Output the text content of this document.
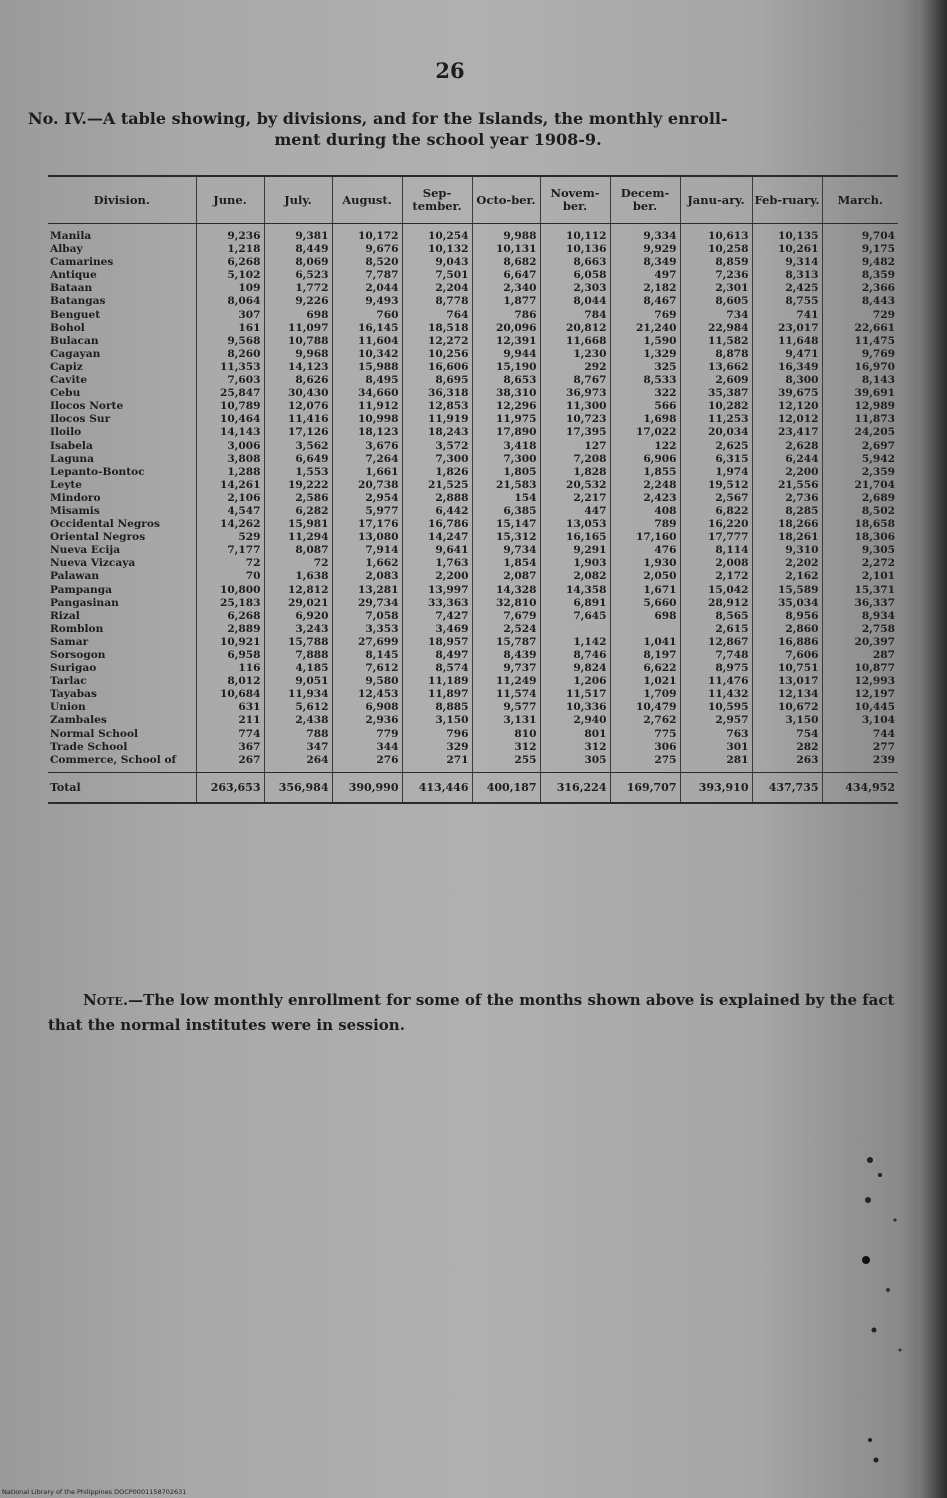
26
No. IV.—A table showing, by divisions, and for the Islands, the monthly enroll-
ment during the school year 1908-9.
Division.	June.	July.	August.	Sep-tember.	Octo-ber.	Novem-ber.	Decem-ber.	Janu-ary.	Feb-ruary.	March.
Manila	9,236	9,381	10,172	10,254	9,988	10,112	9,334	10,613	10,135	9,704
Albay	1,218	8,449	9,676	10,132	10,131	10,136	9,929	10,258	10,261	9,175
Camarines	6,268	8,069	8,520	9,043	8,682	8,663	8,349	8,859	9,314	9,482
Antique	5,102	6,523	7,787	7,501	6,647	6,058	497	7,236	8,313	8,359
Bataan	109	1,772	2,044	2,204	2,340	2,303	2,182	2,301	2,425	2,366
Batangas	8,064	9,226	9,493	8,778	1,877	8,044	8,467	8,605	8,755	8,443
Benguet	307	698	760	764	786	784	769	734	741	729
Bohol	161	11,097	16,145	18,518	20,096	20,812	21,240	22,984	23,017	22,661
Bulacan	9,568	10,788	11,604	12,272	12,391	11,668	1,590	11,582	11,648	11,475
Cagayan	8,260	9,968	10,342	10,256	9,944	1,230	1,329	8,878	9,471	9,769
Capiz	11,353	14,123	15,988	16,606	15,190	292	325	13,662	16,349	16,970
Cavite	7,603	8,626	8,495	8,695	8,653	8,767	8,533	2,609	8,300	8,143
Cebu	25,847	30,430	34,660	36,318	38,310	36,973	322	35,387	39,675	39,691
Ilocos Norte	10,789	12,076	11,912	12,853	12,296	11,300	566	10,282	12,120	12,989
Ilocos Sur	10,464	11,416	10,998	11,919	11,975	10,723	1,698	11,253	12,012	11,873
Iloilo	14,143	17,126	18,123	18,243	17,890	17,395	17,022	20,034	23,417	24,205
Isabela	3,006	3,562	3,676	3,572	3,418	127	122	2,625	2,628	2,697
Laguna	3,808	6,649	7,264	7,300	7,300	7,208	6,906	6,315	6,244	5,942
Lepanto-Bontoc	1,288	1,553	1,661	1,826	1,805	1,828	1,855	1,974	2,200	2,359
Leyte	14,261	19,222	20,738	21,525	21,583	20,532	2,248	19,512	21,556	21,704
Mindoro	2,106	2,586	2,954	2,888	154	2,217	2,423	2,567	2,736	2,689
Misamis	4,547	6,282	5,977	6,442	6,385	447	408	6,822	8,285	8,502
Occidental Negros	14,262	15,981	17,176	16,786	15,147	13,053	789	16,220	18,266	18,658
Oriental Negros	529	11,294	13,080	14,247	15,312	16,165	17,160	17,777	18,261	18,306
Nueva Ecija	7,177	8,087	7,914	9,641	9,734	9,291	476	8,114	9,310	9,305
Nueva Vizcaya	72	72	1,662	1,763	1,854	1,903	1,930	2,008	2,202	2,272
Palawan	70	1,638	2,083	2,200	2,087	2,082	2,050	2,172	2,162	2,101
Pampanga	10,800	12,812	13,281	13,997	14,328	14,358	1,671	15,042	15,589	15,371
Pangasinan	25,183	29,021	29,734	33,363	32,810	6,891	5,660	28,912	35,034	36,337
Rizal	6,268	6,920	7,058	7,427	7,679	7,645	698	8,565	8,956	8,934
Romblon	2,889	3,243	3,353	3,469	2,524			2,615	2,860	2,758
Samar	10,921	15,788	27,699	18,957	15,787	1,142	1,041	12,867	16,886	20,397
Sorsogon	6,958	7,888	8,145	8,497	8,439	8,746	8,197	7,748	7,606	287
Surigao	116	4,185	7,612	8,574	9,737	9,824	6,622	8,975	10,751	10,877
Tarlac	8,012	9,051	9,580	11,189	11,249	1,206	1,021	11,476	13,017	12,993
Tayabas	10,684	11,934	12,453	11,897	11,574	11,517	1,709	11,432	12,134	12,197
Union	631	5,612	6,908	8,885	9,577	10,336	10,479	10,595	10,672	10,445
Zambales	211	2,438	2,936	3,150	3,131	2,940	2,762	2,957	3,150	3,104
Normal School	774	788	779	796	810	801	775	763	754	744
Trade School	367	347	344	329	312	312	306	301	282	277
Commerce, School of	267	264	276	271	255	305	275	281	263	239
Total	263,653	356,984	390,990	413,446	400,187	316,224	169,707	393,910	437,735	434,952
Note.—The low monthly enrollment for some of the months shown above is explained by the fact that the normal institutes were in session.
National Library of the Philippines DOCP0001158702631
